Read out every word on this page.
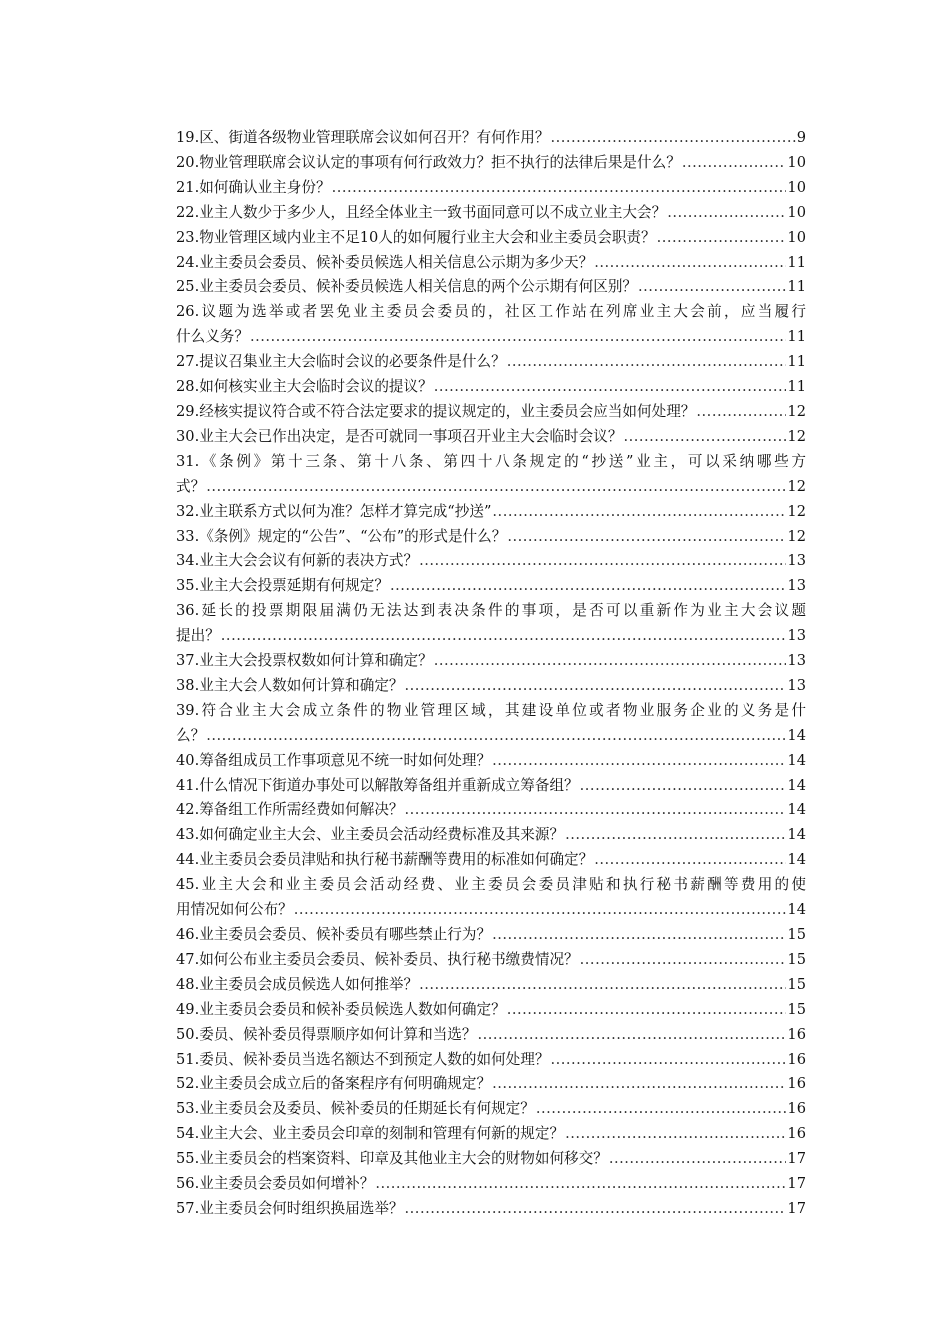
19.区、街道各级物业管理联席会议如何召开？有何作用？ .....	9
20.物业管理联席会议认定的事项有何行政效力？拒不执行的法律后果是什么？ .....	10
21.如何确认业主身份？ .....	10
22.业主人数少于多少人，且经全体业主一致书面同意可以不成立业主大会？ .....	10
23.物业管理区域内业主不足10人的如何履行业主大会和业主委员会职责？ .....	10
24.业主委员会委员、候补委员候选人相关信息公示期为多少天？ .....	11
25.业主委员会委员、候补委员候选人相关信息的两个公示期有何区别？ .....	11
26.议题为选举或者罢免业主委员会委员的，社区工作站在列席业主大会前，应当履行
什么义务？ .....	11
27.提议召集业主大会临时会议的必要条件是什么？ .....	11
28.如何核实业主大会临时会议的提议？ .....	11
29.经核实提议符合或不符合法定要求的提议规定的，业主委员会应当如何处理？ .....	12
30.业主大会已作出决定，是否可就同一事项召开业主大会临时会议？ .....	12
31.《条例》第十三条、第十八条、第四十八条规定的“抄送”业主，可以采纳哪些方
式？ .....	12
32.业主联系方式以何为准？怎样才算完成“抄送” .....	12
33.《条例》规定的“公告”、“公布”的形式是什么？ .....	12
34.业主大会会议有何新的表决方式？ .....	13
35.业主大会投票延期有何规定？ .....	13
36.延长的投票期限届满仍无法达到表决条件的事项，是否可以重新作为业主大会议题
提出？ .....	13
37.业主大会投票权数如何计算和确定？ .....	13
38.业主大会人数如何计算和确定？ .....	13
39.符合业主大会成立条件的物业管理区域，其建设单位或者物业服务企业的义务是什
么？ .....	14
40.筹备组成员工作事项意见不统一时如何处理？ .....	14
41.什么情况下街道办事处可以解散筹备组并重新成立筹备组？ .....	14
42.筹备组工作所需经费如何解决？ .....	14
43.如何确定业主大会、业主委员会活动经费标准及其来源？ .....	14
44.业主委员会委员津贴和执行秘书薪酬等费用的标准如何确定？ .....	14
45.业主大会和业主委员会活动经费、业主委员会委员津贴和执行秘书薪酬等费用的使
用情况如何公布？ .....	14
46.业主委员会委员、候补委员有哪些禁止行为？ .....	15
47.如何公布业主委员会委员、候补委员、执行秘书缴费情况？ .....	15
48.业主委员会成员候选人如何推举？ .....	15
49.业主委员会委员和候补委员候选人数如何确定？ .....	15
50.委员、候补委员得票顺序如何计算和当选？ .....	16
51.委员、候补委员当选名额达不到预定人数的如何处理？ .....	16
52.业主委员会成立后的备案程序有何明确规定？ .....	16
53.业主委员会及委员、候补委员的任期延长有何规定？ .....	16
54.业主大会、业主委员会印章的刻制和管理有何新的规定？ .....	16
55.业主委员会的档案资料、印章及其他业主大会的财物如何移交？ .....	17
56.业主委员会委员如何增补？ .....	17
57.业主委员会何时组织换届选举？ .....	17
